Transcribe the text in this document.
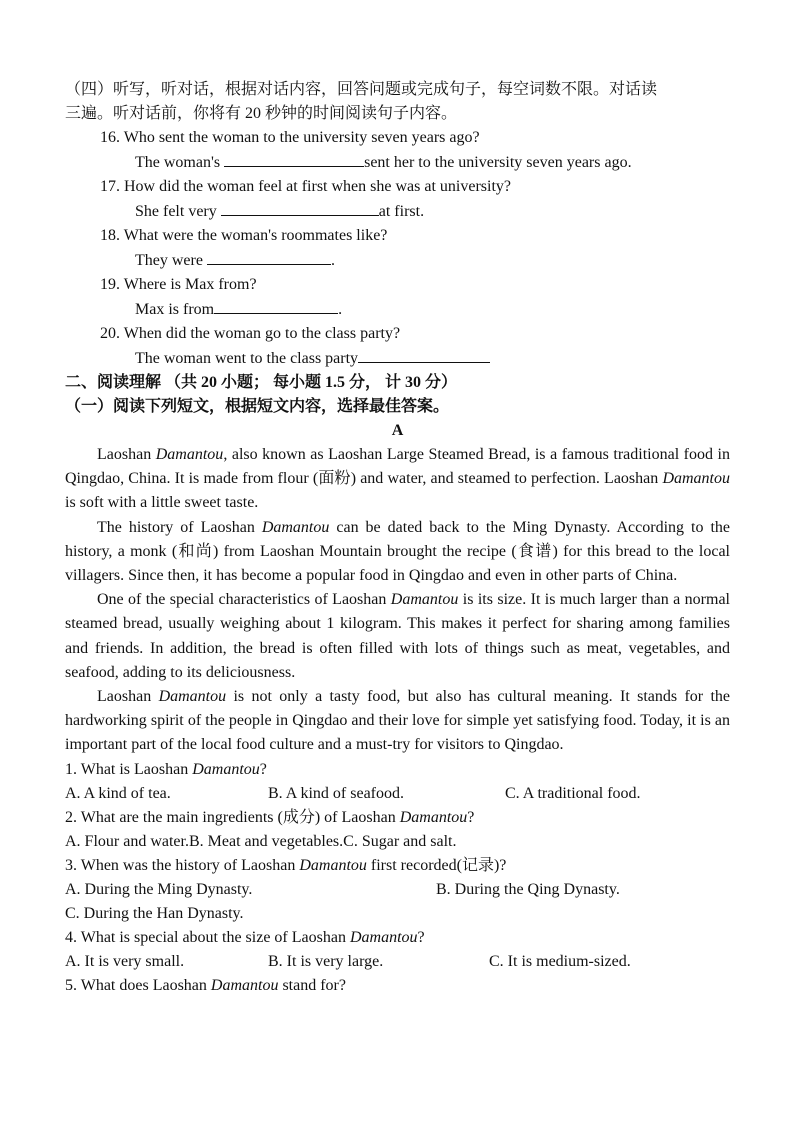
（四）听写，听对话，根据对话内容，回答问题或完成句子，每空词数不限。对话读
三遍。听对话前，你将有 20 秒钟的时间阅读句子内容。
16. Who sent the woman to the university seven years ago?
The woman's	sent her to the university seven years ago.
17. How did the woman feel at first when she was at university?
She felt very	at first.
18. What were the woman's roommates like?
They were	.
19. Where is Max from?
Max is from	.
20. When did the woman go to the class party?
The woman went to the class party
二、阅读理解 （共 20 小题； 每小题 1.5 分， 计 30 分）
（一）阅读下列短文，根据短文内容，选择最佳答案。
A
Laoshan Damantou, also known as Laoshan Large Steamed Bread, is a famous traditional food in Qingdao, China. It is made from flour (面粉) and water, and steamed to perfection. Laoshan Damantou is soft with a little sweet taste.
The history of Laoshan Damantou can be dated back to the Ming Dynasty. According to the history, a monk (和尚) from Laoshan Mountain brought the recipe (食谱) for this bread to the local villagers. Since then, it has become a popular food in Qingdao and even in other parts of China.
One of the special characteristics of Laoshan Damantou is its size. It is much larger than a normal steamed bread, usually weighing about 1 kilogram. This makes it perfect for sharing among families and friends. In addition, the bread is often filled with lots of things such as meat, vegetables, and seafood, adding to its deliciousness.
Laoshan Damantou is not only a tasty food, but also has cultural meaning. It stands for the hardworking spirit of the people in Qingdao and their love for simple yet satisfying food. Today, it is an important part of the local food culture and a must-try for visitors to Qingdao.
1. What is Laoshan Damantou?
A. A kind of tea.	B. A kind of seafood.	C. A traditional food.
2. What are the main ingredients (成分) of Laoshan Damantou?
A. Flour and water.B. Meat and vegetables.C. Sugar and salt.
3. When was the history of Laoshan Damantou first recorded(记录)?
A. During the Ming Dynasty.	B. During the Qing Dynasty.
C. During the Han Dynasty.
4. What is special about the size of Laoshan Damantou?
A. It is very small.	B. It is very large.	C. It is medium-sized.
5. What does Laoshan Damantou stand for?
